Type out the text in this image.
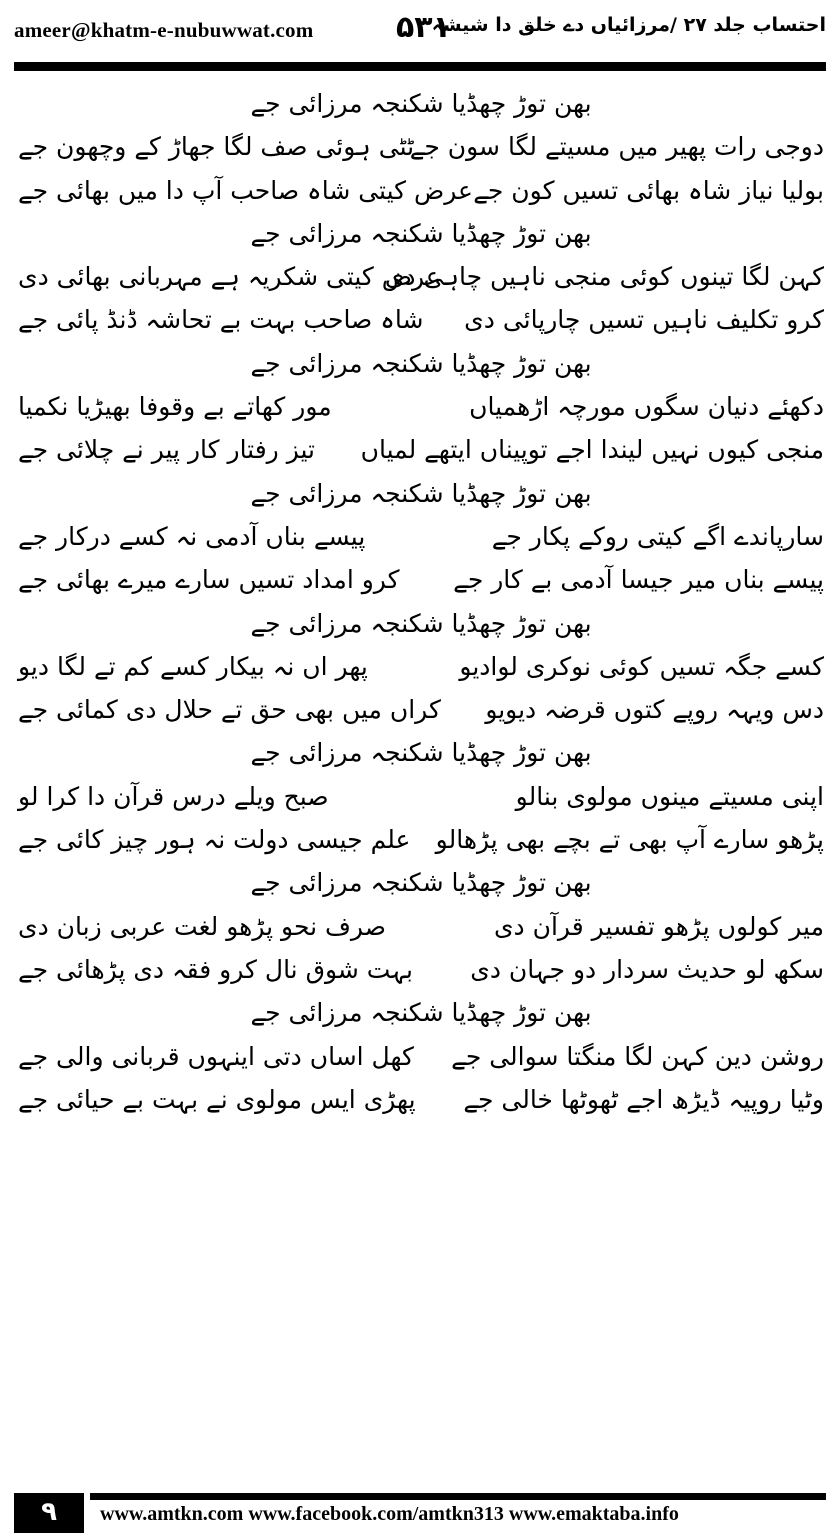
ameer@khatm-e-nubuwwat.com	۵۳۱
احتساب جلد ۲۷ /مرزائیاں دے خلق دا شیشہ
بھن توڑ چھڈیا شکنجہ مرزائی جے
دوجی رات پھیر میں مسیتے لگا سون جے
ٹٹی ہوئی صف لگا جھاڑ کے وچھون جے
بولیا نیاز شاہ بھائی تسیں کون جے
عرض کیتی شاہ صاحب آپ دا میں بھائی جے
بھن توڑ چھڈیا شکنجہ مرزائی جے
کہن لگا تینوں کوئی منجی ناہیں چاہی دی
عرض کیتی شکریہ ہے مہربانی بھائی دی
کرو تکلیف ناہیں تسیں چارپائی دی
شاہ صاحب بہت بے تحاشہ ڈنڈ پائی جے
بھن توڑ چھڈیا شکنجہ مرزائی جے
دکھئے دنیان سگوں مورچہ اڑھمیاں
مور کھاتے بے وقوفا بھیڑیا نکمیا
منجی کیوں نہیں لیندا اجے توپیناں ایتھے لمیاں
تیز رفتار کار پیر نے چلائی جے
بھن توڑ چھڈیا شکنجہ مرزائی جے
سارپاندے اگے کیتی روکے پکار جے
پیسے بناں آدمی نہ کسے درکار جے
پیسے بناں میر جیسا آدمی بے کار جے
کرو امداد تسیں سارے میرے بھائی جے
بھن توڑ چھڈیا شکنجہ مرزائی جے
کسے جگہ تسیں کوئی نوکری لوادیو
پھر اں نہ بیکار کسے کم تے لگا دیو
دس ویہہ روپے کتوں قرضہ دیویو
کراں میں بھی حق تے حلال دی کمائی جے
بھن توڑ چھڈیا شکنجہ مرزائی جے
اپنی مسیتے مینوں مولوی بنالو
صبح ویلے درس قرآن دا کرا لو
پڑھو سارے آپ بھی تے بچے بھی پڑھالو
علم جیسی دولت نہ ہور چیز کائی جے
بھن توڑ چھڈیا شکنجہ مرزائی جے
میر کولوں پڑھو تفسیر قرآن دی
صرف نحو پڑھو لغت عربی زبان دی
سکھ لو حدیث سردار دو جہان دی
بہت شوق نال کرو فقہ دی پڑھائی جے
بھن توڑ چھڈیا شکنجہ مرزائی جے
روشن دین کہن لگا منگتا سوالی جے
کھل اساں دتی اینہوں قربانی والی جے
وٹیا روپیہ ڈیڑھ اجے ٹھوٹھا خالی جے
پھڑی ایس مولوی نے بہت بے حیائی جے
۹	www.amtkn.com www.facebook.com/amtkn313 www.emaktaba.info
